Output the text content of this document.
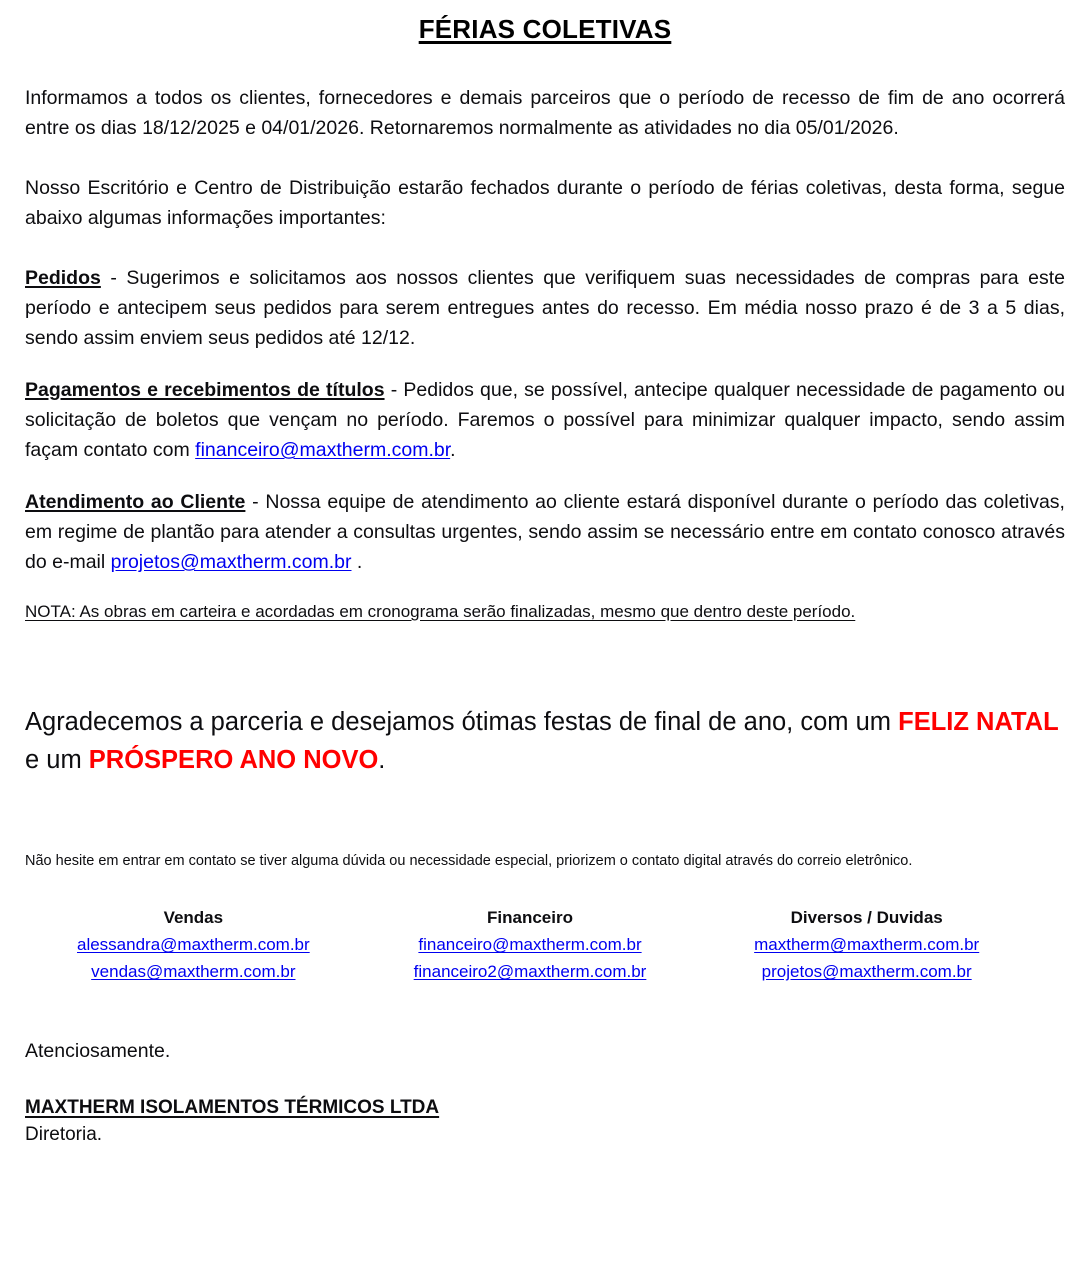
FÉRIAS COLETIVAS

Informamos a todos os clientes, fornecedores e demais parceiros que o período de recesso de fim de ano ocorrerá entre os dias 18/12/2025 e 04/01/2026. Retornaremos normalmente as atividades no dia 05/01/2026.

Nosso Escritório e Centro de Distribuição estarão fechados durante o período de férias coletivas, desta forma, segue abaixo algumas informações importantes:

Pedidos - Sugerimos e solicitamos aos nossos clientes que verifiquem suas necessidades de compras para este período e antecipem seus pedidos para serem entregues antes do recesso. Em média nosso prazo é de 3 a 5 dias, sendo assim enviem seus pedidos até 12/12.

Pagamentos e recebimentos de títulos - Pedidos que, se possível, antecipe qualquer necessidade de pagamento ou solicitação de boletos que vençam no período. Faremos o possível para minimizar qualquer impacto, sendo assim façam contato com financeiro@maxtherm.com.br.

Atendimento ao Cliente - Nossa equipe de atendimento ao cliente estará disponível durante o período das coletivas, em regime de plantão para atender a consultas urgentes, sendo assim se necessário entre em contato conosco através do e-mail projetos@maxtherm.com.br .

NOTA: As obras em carteira e acordadas em cronograma serão finalizadas, mesmo que dentro deste período.

Agradecemos a parceria e desejamos ótimas festas de final de ano, com um FELIZ NATAL e um PRÓSPERO ANO NOVO.

Não hesite em entrar em contato se tiver alguma dúvida ou necessidade especial, priorizem o contato digital através do correio eletrônico.

Vendas
alessandra@maxtherm.com.br
vendas@maxtherm.com.br
Financeiro
financeiro@maxtherm.com.br
financeiro2@maxtherm.com.br
Diversos / Duvidas
maxtherm@maxtherm.com.br
projetos@maxtherm.com.br

Atenciosamente.

MAXTHERM ISOLAMENTOS TÉRMICOS LTDA

Diretoria.
